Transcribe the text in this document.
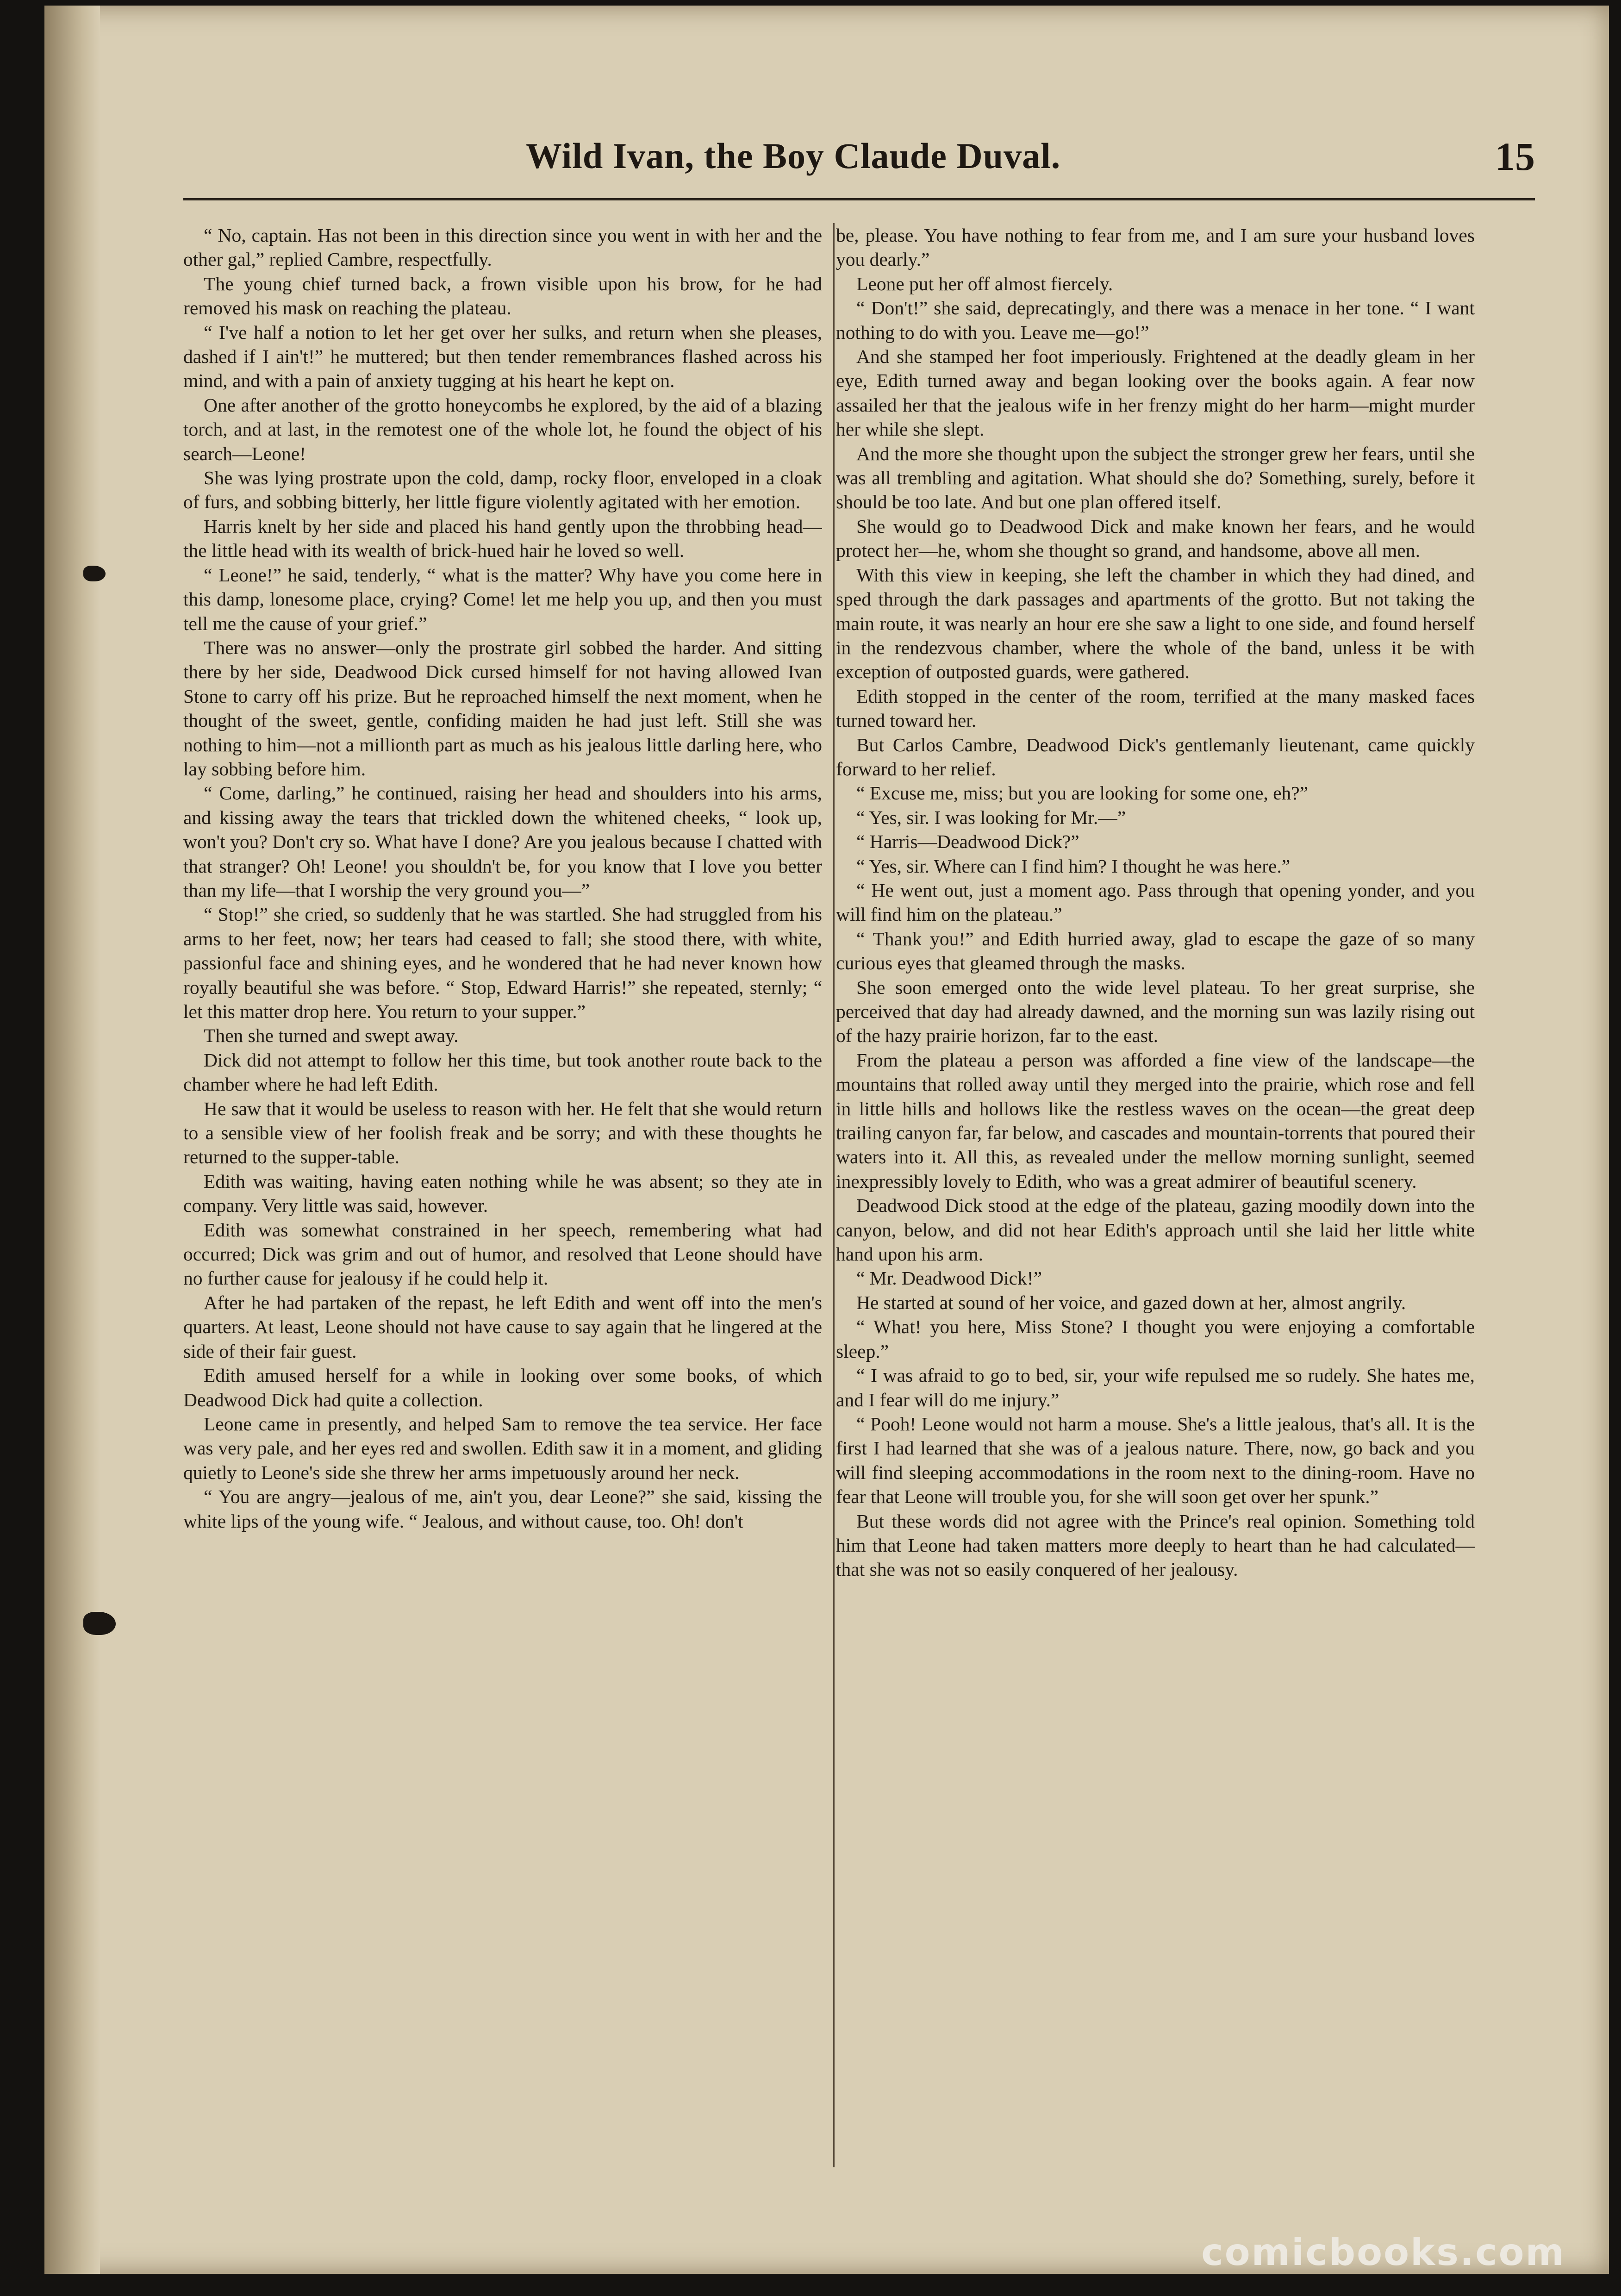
Wild Ivan, the Boy Claude Duval.	15

“ No, captain. Has not been in this direction since you went in with her and the other gal,” replied Cambre, respectfully.

The young chief turned back, a frown visible upon his brow, for he had removed his mask on reaching the plateau.

“ I've half a notion to let her get over her sulks, and return when she pleases, dashed if I ain't!” he muttered; but then tender remembrances flashed across his mind, and with a pain of anxiety tugging at his heart he kept on.

One after another of the grotto honeycombs he explored, by the aid of a blazing torch, and at last, in the remotest one of the whole lot, he found the object of his search—Leone!

She was lying prostrate upon the cold, damp, rocky floor, enveloped in a cloak of furs, and sobbing bitterly, her little figure violently agitated with her emotion.

Harris knelt by her side and placed his hand gently upon the throbbing head—the little head with its wealth of brick-hued hair he loved so well.

“ Leone!” he said, tenderly, “ what is the matter? Why have you come here in this damp, lonesome place, crying? Come! let me help you up, and then you must tell me the cause of your grief.”

There was no answer—only the prostrate girl sobbed the harder. And sitting there by her side, Deadwood Dick cursed himself for not having allowed Ivan Stone to carry off his prize. But he reproached himself the next moment, when he thought of the sweet, gentle, confiding maiden he had just left. Still she was nothing to him—not a millionth part as much as his jealous little darling here, who lay sobbing before him.

“ Come, darling,” he continued, raising her head and shoulders into his arms, and kissing away the tears that trickled down the whitened cheeks, “ look up, won't you? Don't cry so. What have I done? Are you jealous because I chatted with that stranger? Oh! Leone! you shouldn't be, for you know that I love you better than my life—that I worship the very ground you—”

“ Stop!” she cried, so suddenly that he was startled. She had struggled from his arms to her feet, now; her tears had ceased to fall; she stood there, with white, passionful face and shining eyes, and he wondered that he had never known how royally beautiful she was before. “ Stop, Edward Harris!” she repeated, sternly; “ let this matter drop here. You return to your supper.”

Then she turned and swept away.

Dick did not attempt to follow her this time, but took another route back to the chamber where he had left Edith.

He saw that it would be useless to reason with her. He felt that she would return to a sensible view of her foolish freak and be sorry; and with these thoughts he returned to the supper-table.

Edith was waiting, having eaten nothing while he was absent; so they ate in company. Very little was said, however.

Edith was somewhat constrained in her speech, remembering what had occurred; Dick was grim and out of humor, and resolved that Leone should have no further cause for jealousy if he could help it.

After he had partaken of the repast, he left Edith and went off into the men's quarters. At least, Leone should not have cause to say again that he lingered at the side of their fair guest.

Edith amused herself for a while in looking over some books, of which Deadwood Dick had quite a collection.

Leone came in presently, and helped Sam to remove the tea service. Her face was very pale, and her eyes red and swollen. Edith saw it in a moment, and gliding quietly to Leone's side she threw her arms impetuously around her neck.

“ You are angry—jealous of me, ain't you, dear Leone?” she said, kissing the white lips of the young wife. “ Jealous, and without cause, too. Oh! don't

be, please. You have nothing to fear from me, and I am sure your husband loves you dearly.”

Leone put her off almost fiercely.

“ Don't!” she said, deprecatingly, and there was a menace in her tone. “ I want nothing to do with you. Leave me—go!”

And she stamped her foot imperiously. Frightened at the deadly gleam in her eye, Edith turned away and began looking over the books again. A fear now assailed her that the jealous wife in her frenzy might do her harm—might murder her while she slept.

And the more she thought upon the subject the stronger grew her fears, until she was all trembling and agitation. What should she do? Something, surely, before it should be too late. And but one plan offered itself.

She would go to Deadwood Dick and make known her fears, and he would protect her—he, whom she thought so grand, and handsome, above all men.

With this view in keeping, she left the chamber in which they had dined, and sped through the dark passages and apartments of the grotto. But not taking the main route, it was nearly an hour ere she saw a light to one side, and found herself in the rendezvous chamber, where the whole of the band, unless it be with exception of outposted guards, were gathered.

Edith stopped in the center of the room, terrified at the many masked faces turned toward her.

But Carlos Cambre, Deadwood Dick's gentlemanly lieutenant, came quickly forward to her relief.

“ Excuse me, miss; but you are looking for some one, eh?”

“ Yes, sir. I was looking for Mr.—”

“ Harris—Deadwood Dick?”

“ Yes, sir. Where can I find him? I thought he was here.”

“ He went out, just a moment ago. Pass through that opening yonder, and you will find him on the plateau.”

“ Thank you!” and Edith hurried away, glad to escape the gaze of so many curious eyes that gleamed through the masks.

She soon emerged onto the wide level plateau. To her great surprise, she perceived that day had already dawned, and the morning sun was lazily rising out of the hazy prairie horizon, far to the east.

From the plateau a person was afforded a fine view of the landscape—the mountains that rolled away until they merged into the prairie, which rose and fell in little hills and hollows like the restless waves on the ocean—the great deep trailing canyon far, far below, and cascades and mountain-torrents that poured their waters into it. All this, as revealed under the mellow morning sunlight, seemed inexpressibly lovely to Edith, who was a great admirer of beautiful scenery.

Deadwood Dick stood at the edge of the plateau, gazing moodily down into the canyon, below, and did not hear Edith's approach until she laid her little white hand upon his arm.

“ Mr. Deadwood Dick!”

He started at sound of her voice, and gazed down at her, almost angrily.

“ What! you here, Miss Stone? I thought you were enjoying a comfortable sleep.”

“ I was afraid to go to bed, sir, your wife repulsed me so rudely. She hates me, and I fear will do me injury.”

“ Pooh! Leone would not harm a mouse. She's a little jealous, that's all. It is the first I had learned that she was of a jealous nature. There, now, go back and you will find sleeping accommodations in the room next to the dining-room. Have no fear that Leone will trouble you, for she will soon get over her spunk.”

But these words did not agree with the Prince's real opinion. Something told him that Leone had taken matters more deeply to heart than he had calculated—that she was not so easily conquered of her jealousy.

comicbooks.com
